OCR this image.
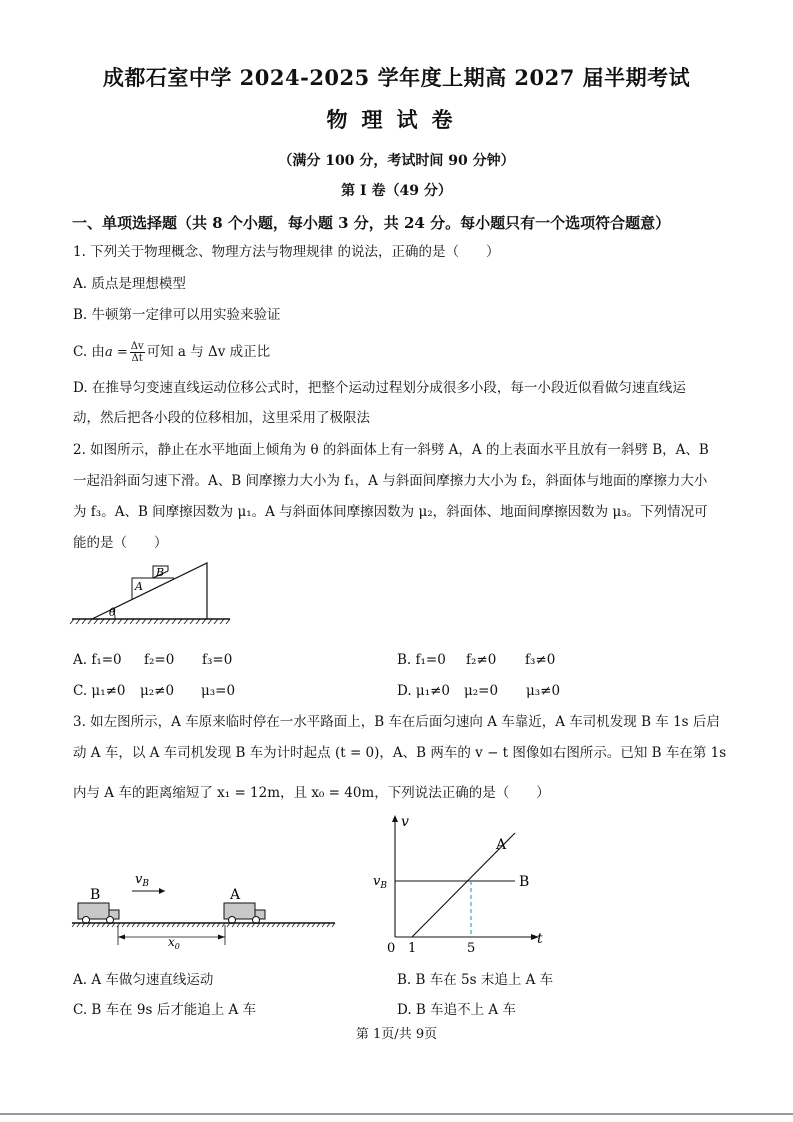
成都石室中学 2024-2025 学年度上期高 2027 届半期考试
物理试卷
（满分 100 分，考试时间 90 分钟）
第 I 卷（49 分）
一、单项选择题（共 8 个小题，每小题 3 分，共 24 分。每小题只有一个选项符合题意）
1. 下列关于物理概念、物理方法与物理规律 的说法，正确的是（　　）
A. 质点是理想模型
B. 牛顿第一定律可以用实验来验证
C. 由$a = \frac{\Delta v}{\Delta t}$ 可知 a 与 Δv 成正比
D. 在推导匀变速直线运动位移公式时，把整个运动过程划分成很多小段，每一小段近似看做匀速直线运
动，然后把各小段的位移相加，这里采用了极限法
2. 如图所示，静止在水平地面上倾角为 θ 的斜面体上有一斜劈 A，A 的上表面水平且放有一斜劈 B，A、B
一起沿斜面匀速下滑。A、B 间摩擦力大小为 f₁，A 与斜面间摩擦力大小为 f₂，斜面体与地面的摩擦力大小
为 f₃。A、B 间摩擦因数为 μ₁。A 与斜面体间摩擦因数为 μ₂，斜面体、地面间摩擦因数为 μ₃。下列情况可
能的是（　　）
B
A
θ
A. f₁=0 f₂=0 f₃=0	B. f₁=0 f₂≠0 f₃≠0
C. μ₁≠0 μ₂≠0 μ₃=0	D. μ₁≠0 μ₂=0 μ₃≠0
3. 如左图所示，A 车原来临时停在一水平路面上，B 车在后面匀速向 A 车靠近，A 车司机发现 B 车 1s 后启
动 A 车，以 A 车司机发现 B 车为计时起点 (t = 0)，A、B 两车的 v − t 图像如右图所示。已知 B 车在第 1s
内与 A 车的距离缩短了 x₁ = 12m，且 x₀ = 40m，下列说法正确的是（　　）
$v_B$
B	A
$x_0$
v
t
$v_B$
A
B
0 1	5
A. A 车做匀速直线运动	B. B 车在 5s 末追上 A 车
C. B 车在 9s 后才能追上 A 车	D. B 车追不上 A 车
第 1页/共 9页
